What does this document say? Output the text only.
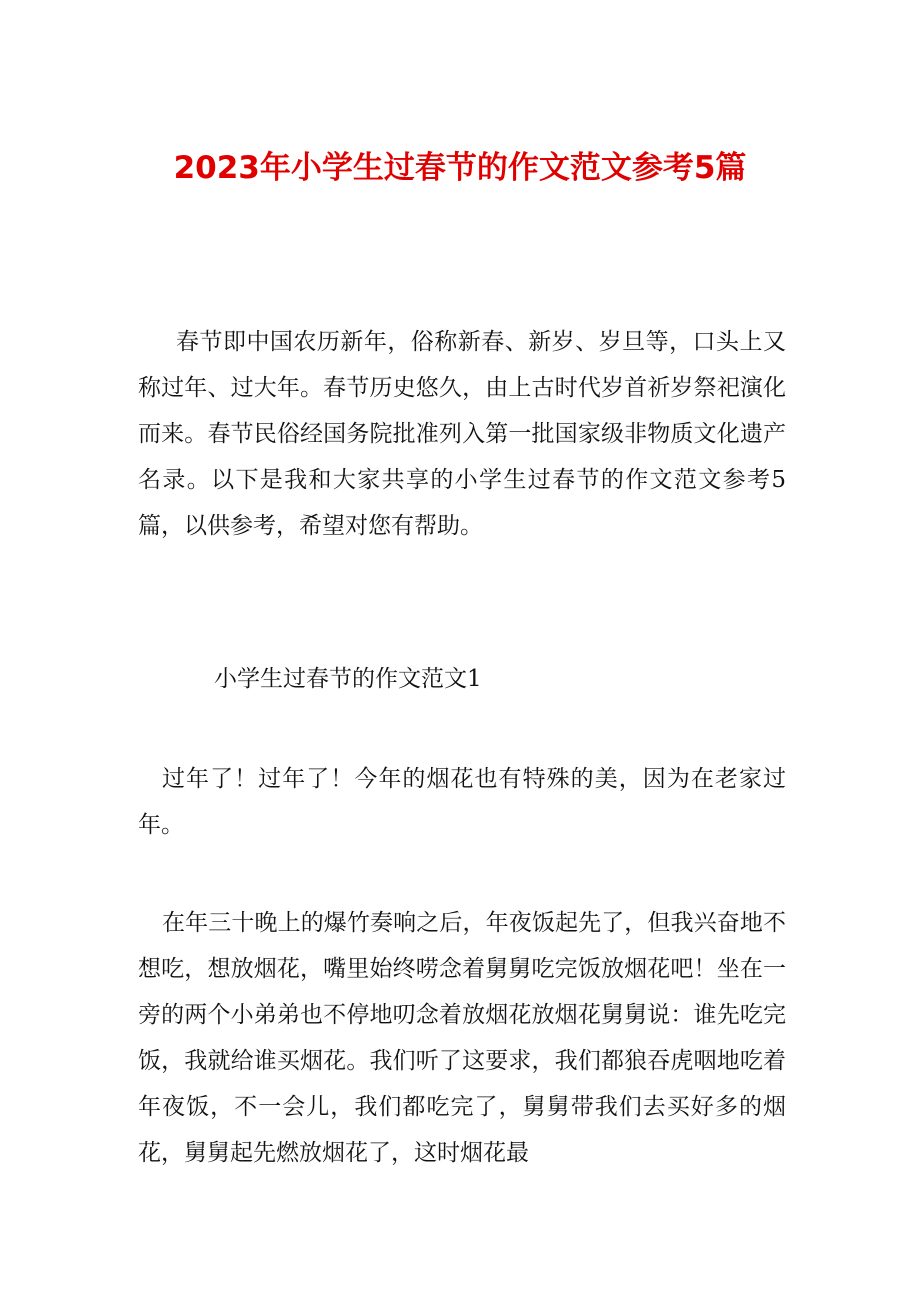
2023年小学生过春节的作文范文参考5篇

春节即中国农历新年，俗称新春、新岁、岁旦等，口头上又称过年、过大年。春节历史悠久，由上古时代岁首祈岁祭祀演化而来。春节民俗经国务院批准列入第一批国家级非物质文化遗产名录。以下是我和大家共享的小学生过春节的作文范文参考5篇，以供参考，希望对您有帮助。

小学生过春节的作文范文1

过年了！过年了！今年的烟花也有特殊的美，因为在老家过年。

在年三十晚上的爆竹奏响之后，年夜饭起先了，但我兴奋地不想吃，想放烟花，嘴里始终唠念着舅舅吃完饭放烟花吧！坐在一旁的两个小弟弟也不停地叨念着放烟花放烟花舅舅说：谁先吃完饭，我就给谁买烟花。我们听了这要求，我们都狼吞虎咽地吃着年夜饭，不一会儿，我们都吃完了，舅舅带我们去买好多的烟花，舅舅起先燃放烟花了，这时烟花最
